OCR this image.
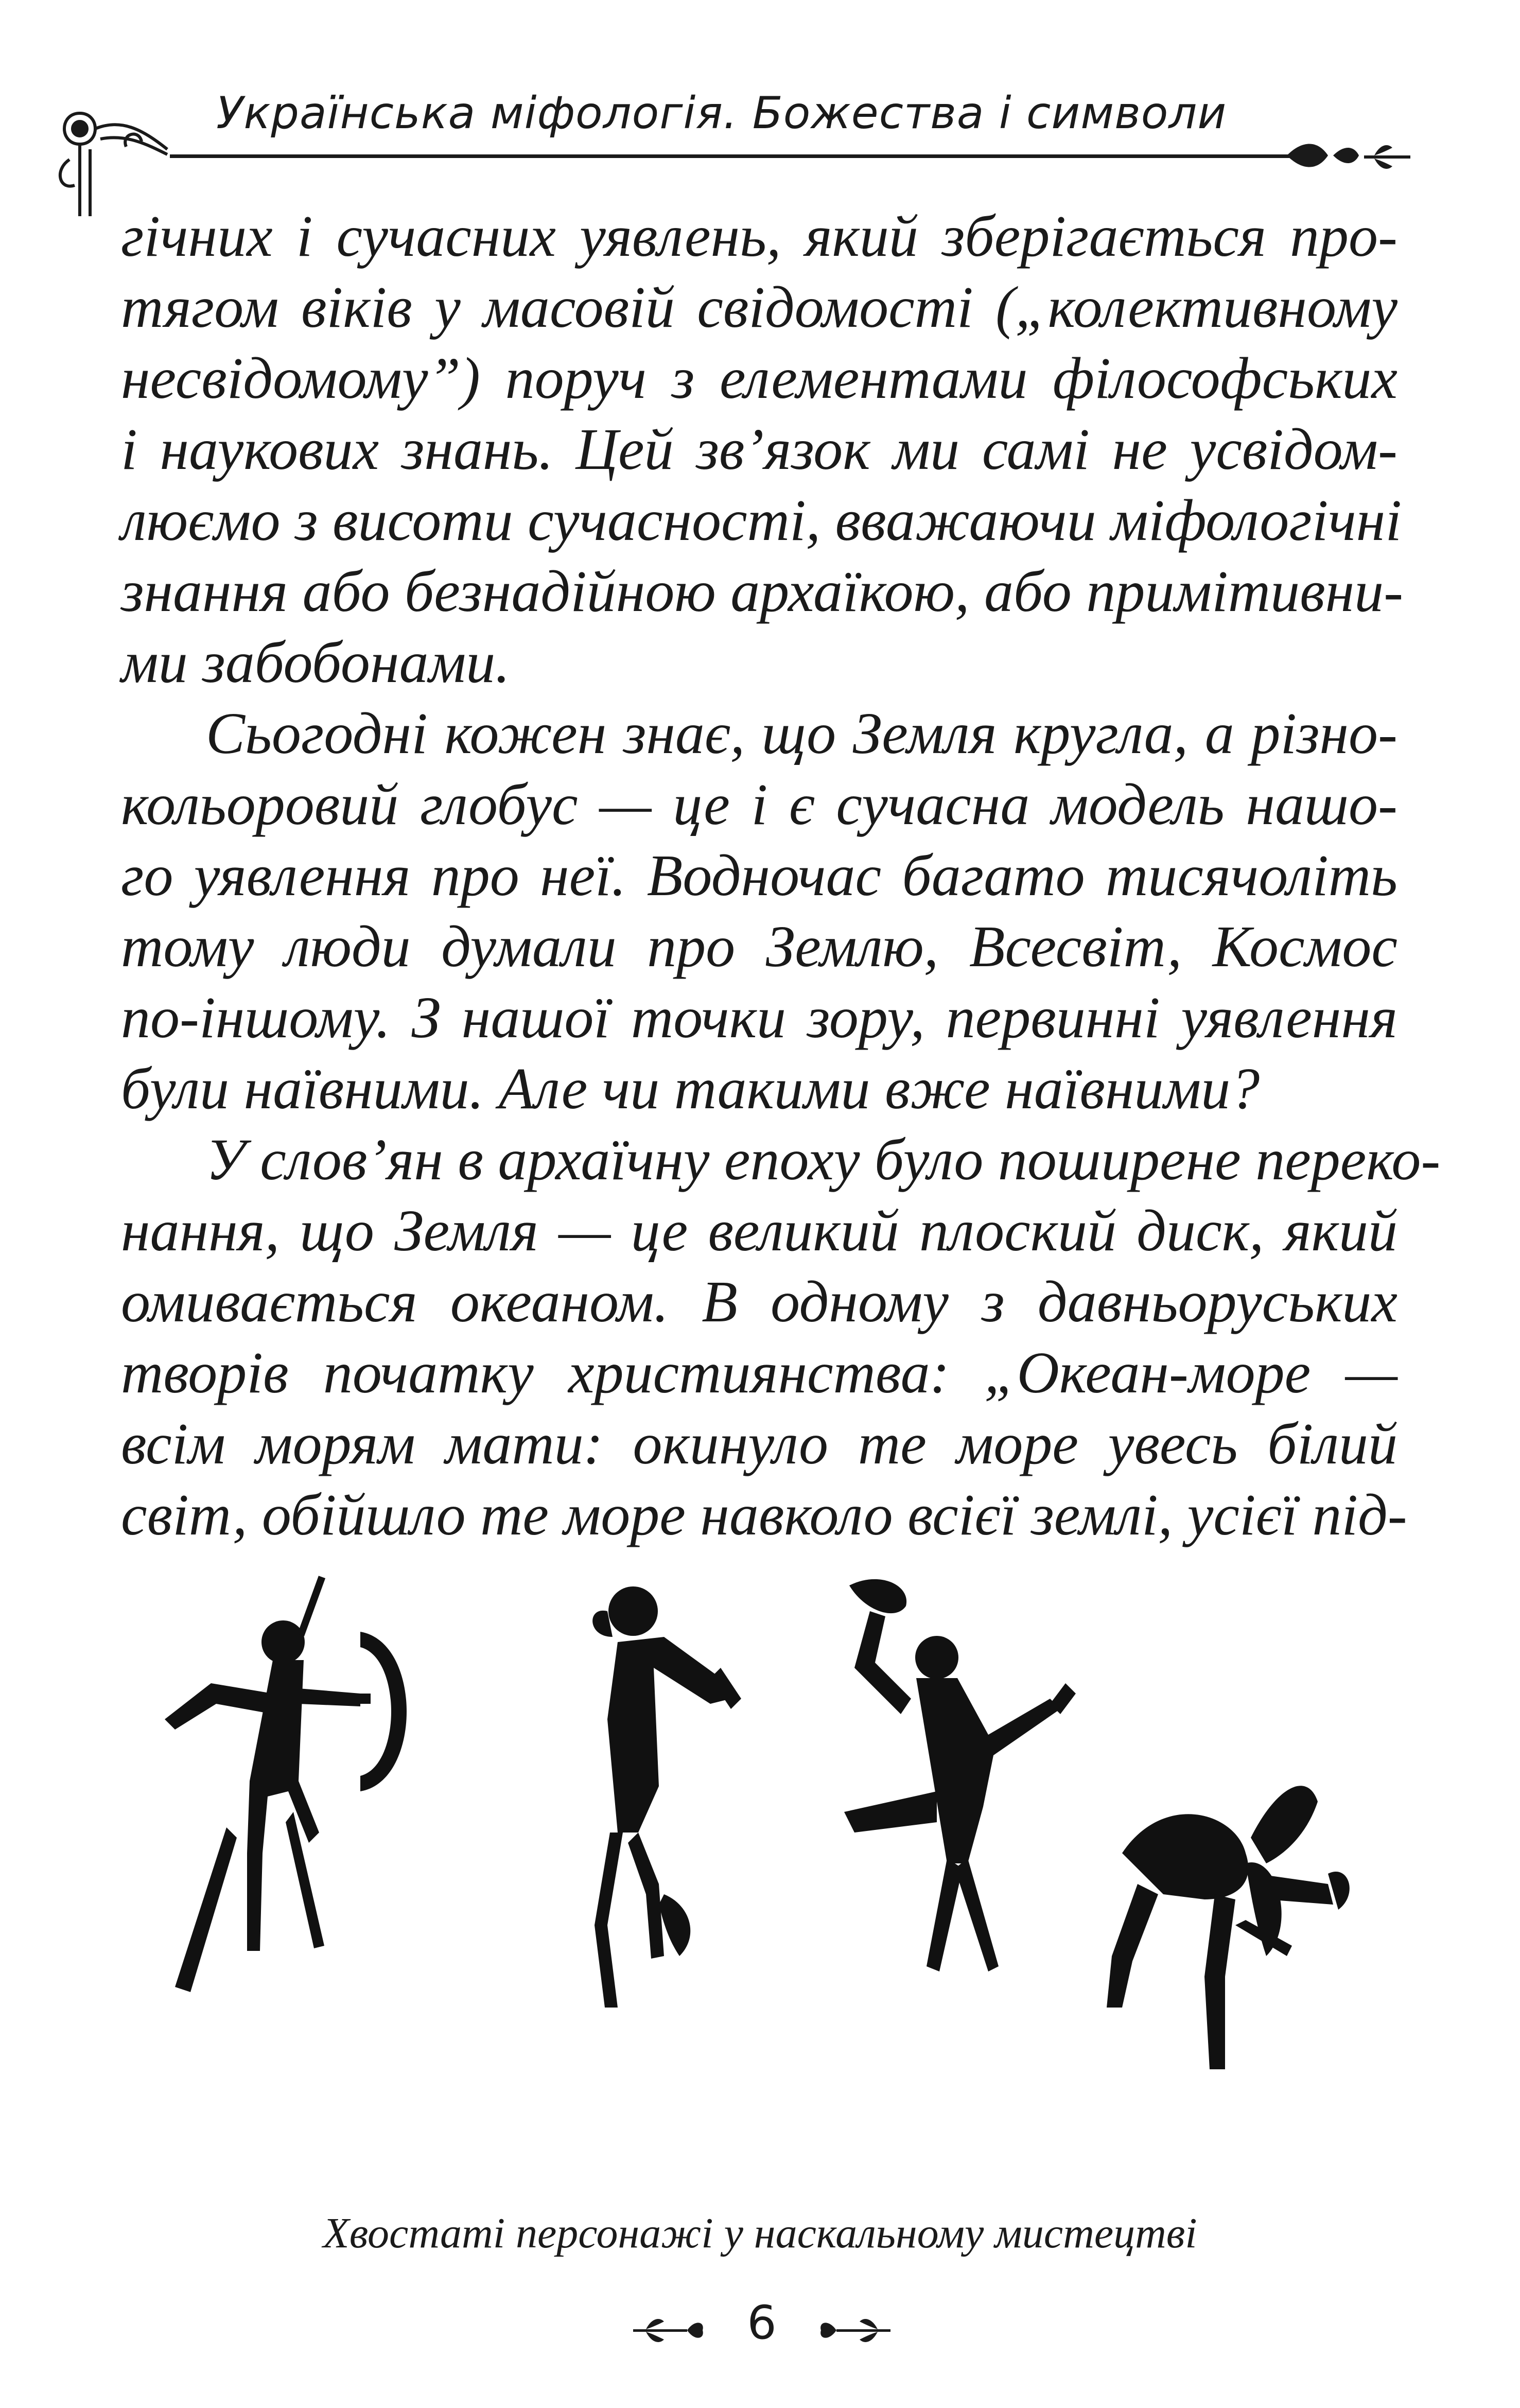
Українська міфологія. Божества і символи
гічних і сучасних уявлень, який зберігається про-
тягом віків у масовій свідомості („колективному
несвідомому”) поруч з елементами філософських
і наукових знань. Цей зв’язок ми самі не усвідом-
люємо з висоти сучасності, вважаючи міфологічні
знання або безнадійною архаїкою, або примітивни-
ми забобонами.
Сьогодні кожен знає, що Земля кругла, а різно-
кольоровий глобус — це і є сучасна модель нашо-
го уявлення про неї. Водночас багато тисячоліть
тому люди думали про Землю, Всесвіт, Космос
по-іншому. З нашої точки зору, первинні уявлення
були наївними. Але чи такими вже наївними?
У слов’ян в архаїчну епоху було поширене переко-
нання, що Земля — це великий плоский диск, який
омивається океаном. В одному з давньоруських
творів початку християнства: „Океан-море —
всім морям мати: окинуло те море увесь білий
світ, обійшло те море навколо всієї землі, усієї під-
Хвостаті персонажі у наскальному мистецтві
6
